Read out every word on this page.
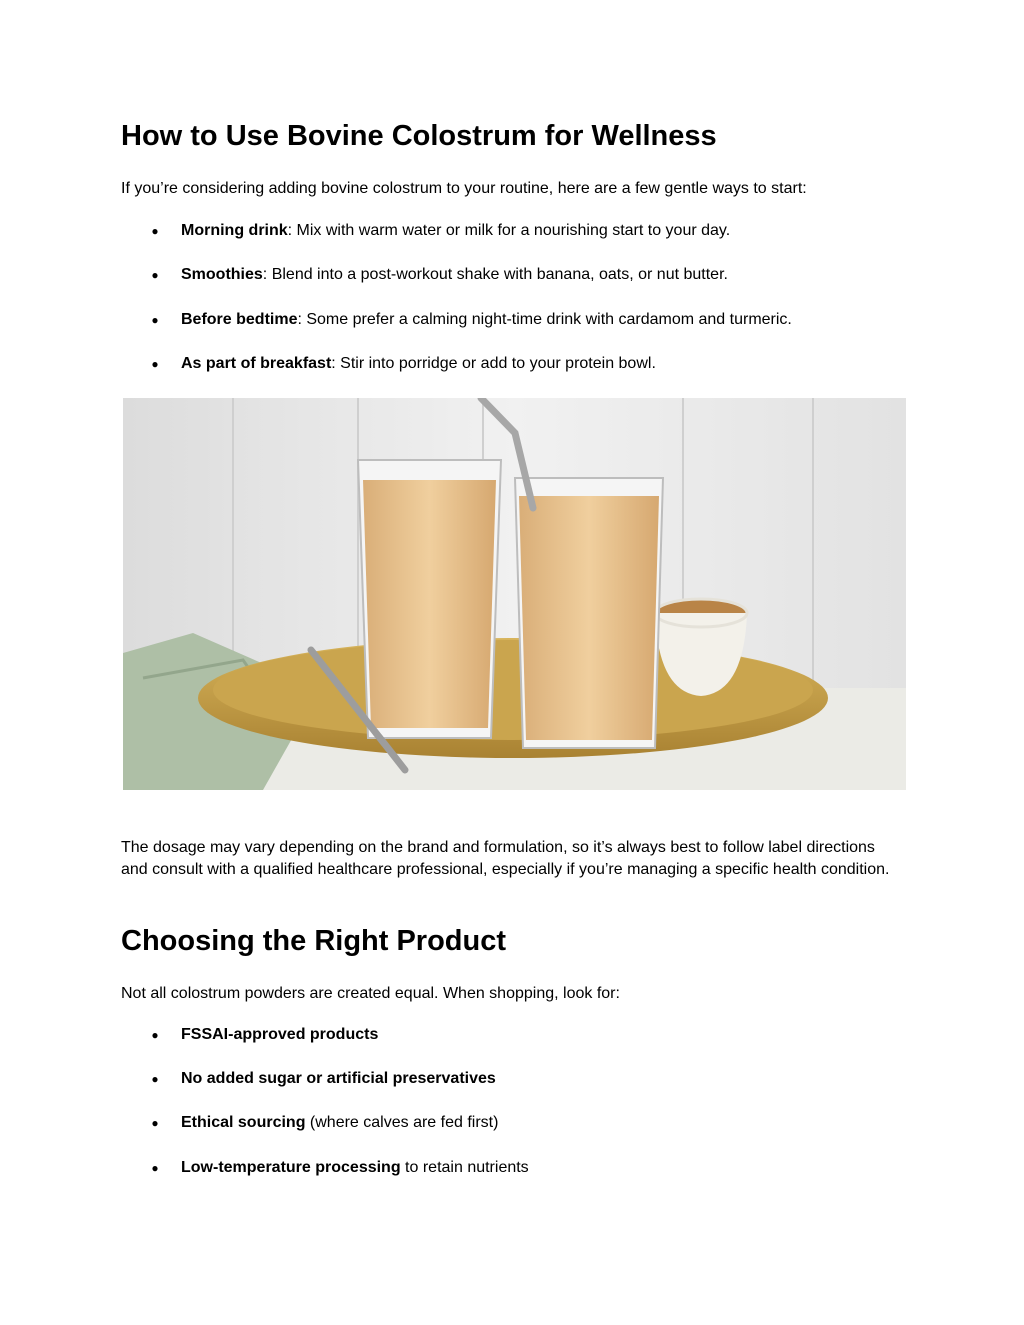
How to Use Bovine Colostrum for Wellness

If you’re considering adding bovine colostrum to your routine, here are a few gentle ways to start:

● Morning drink: Mix with warm water or milk for a nourishing start to your day.
● Smoothies: Blend into a post-workout shake with banana, oats, or nut butter.
● Before bedtime: Some prefer a calming night-time drink with cardamom and turmeric.
● As part of breakfast: Stir into porridge or add to your protein bowl.

The dosage may vary depending on the brand and formulation, so it’s always best to follow label directions and consult with a qualified healthcare professional, especially if you’re managing a specific health condition.

Choosing the Right Product

Not all colostrum powders are created equal. When shopping, look for:

● FSSAI-approved products
● No added sugar or artificial preservatives
● Ethical sourcing (where calves are fed first)
● Low-temperature processing to retain nutrients
